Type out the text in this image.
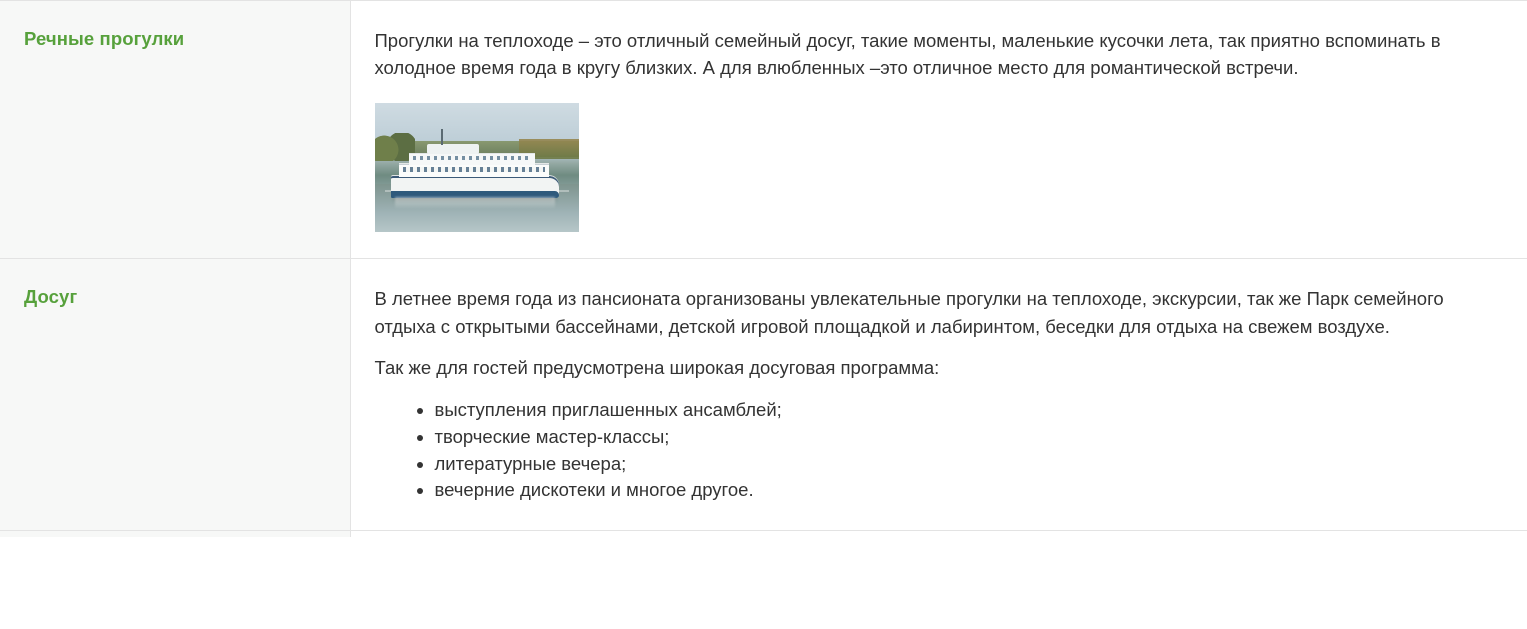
Речные прогулки	Прогулки на теплоходе – это отличный семейный досуг, такие моменты, маленькие кусочки лета, так приятно вспоминать в холодное время года в кругу близких. А для влюбленных –это отличное место для романтической встречи.

Досуг	В летнее время года из пансионата организованы увлекательные прогулки на теплоходе, экскурсии, так же Парк семейного отдыха с открытыми бассейнами, детской игровой площадкой и лабиринтом, беседки для отдыха на свежем воздухе.

Так же для гостей предусмотрена широкая досуговая программа:

• выступления приглашенных ансамблей;
• творческие мастер-классы;
• литературные вечера;
• вечерние дискотеки и многое другое.
